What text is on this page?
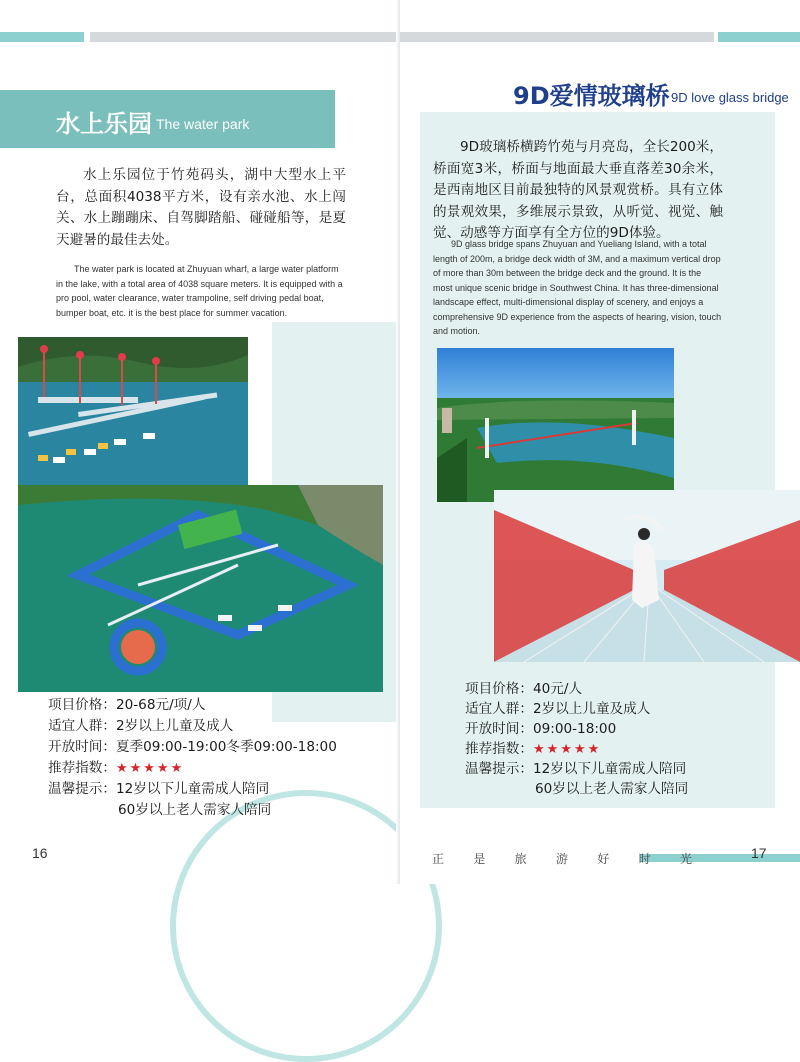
水上乐园 The water park
水上乐园位于竹苑码头，湖中大型水上平台，总面积4038平方米，设有亲水池、水上闯关、水上蹦蹦床、自驾脚踏船、碰碰船等，是夏天避暑的最佳去处。
The water park is located at Zhuyuan wharf, a large water platform in the lake, with a total area of 4038 square meters. It is equipped with a pro pool, water clearance, water trampoline, self driving pedal boat, bumper boat, etc. it is the best place for summer vacation.
项目价格：20-68元/项/人
适宜人群：2岁以上儿童及成人
开放时间：夏季09:00-19:00冬季09:00-18:00
推荐指数：★★★★★
温馨提示：12岁以下儿童需成人陪同
60岁以上老人需家人陪同
16
9D爱情玻璃桥 9D love glass bridge
9D玻璃桥横跨竹苑与月亮岛，全长200米，桥面宽3米，桥面与地面最大垂直落差30余米，是西南地区目前最独特的风景观赏桥。具有立体的景观效果，多维展示景致，从听觉、视觉、触觉、动感等方面享有全方位的9D体验。
9D glass bridge spans Zhuyuan and Yueliang Island, with a total length of 200m, a bridge deck width of 3M, and a maximum vertical drop of more than 30m between the bridge deck and the ground. It is the most unique scenic bridge in Southwest China. It has three-dimensional landscape effect, multi-dimensional display of scenery, and enjoys a comprehensive 9D experience from the aspects of hearing, vision, touch and motion.
项目价格：40元/人
适宜人群：2岁以上儿童及成人
开放时间：09:00-18:00
推荐指数：★★★★★
温馨提示：12岁以下儿童需成人陪同
60岁以上老人需家人陪同
正 是 旅 游 好 时 光	17
